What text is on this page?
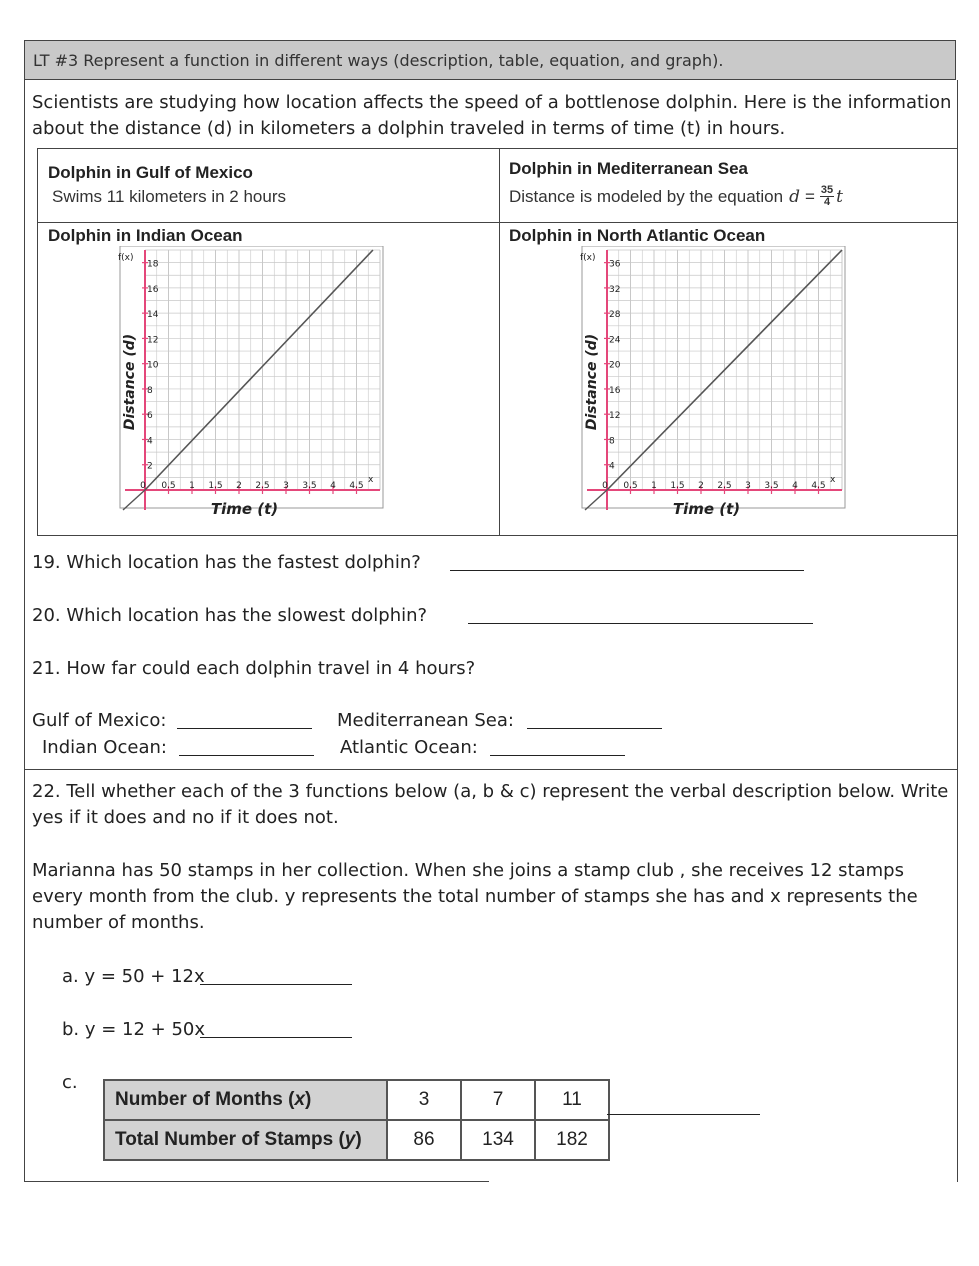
LT #3 Represent a function in different ways (description, table, equation, and graph).
Scientists are studying how location affects the speed of a bottlenose dolphin. Here is the information about the distance (d) in kilometers a dolphin traveled in terms of time (t) in hours.
Dolphin in Gulf of Mexico
Swims 11 kilometers in 2 hours
Dolphin in Mediterranean Sea
Distance is modeled by the equation $d = \frac{35}{4}$ t
Dolphin in Indian Ocean	Dolphin in North Atlantic Ocean
0 0.5 1 1.5 2 2.5 3 3.5 4 4.5
2
4
6
8
10
12
14
16
18
f(x)
x
Time (t)
Distance (d)
0 0.5 1 1.5 2 2.5 3 3.5 4 4.5
4
8
12
16
20
24
28
32
36
f(x)
x
Time (t)
Distance (d)
19. Which location has the fastest dolphin?
20. Which location has the slowest dolphin?
21. How far could each dolphin travel in 4 hours?
Gulf of Mexico:	Mediterranean Sea:
Indian Ocean:	Atlantic Ocean:
22. Tell whether each of the 3 functions below (a, b & c) represent the verbal description below. Write yes if it does and no if it does not.
Marianna has 50 stamps in her collection. When she joins a stamp club , she receives 12 stamps every month from the club. y represents the total number of stamps she has and x represents the number of months.
a. y = 50 + 12x
b. y = 12 + 50x
c.
Number of Months (x)	3	7	11
Total Number of Stamps (y)	86	134	182
